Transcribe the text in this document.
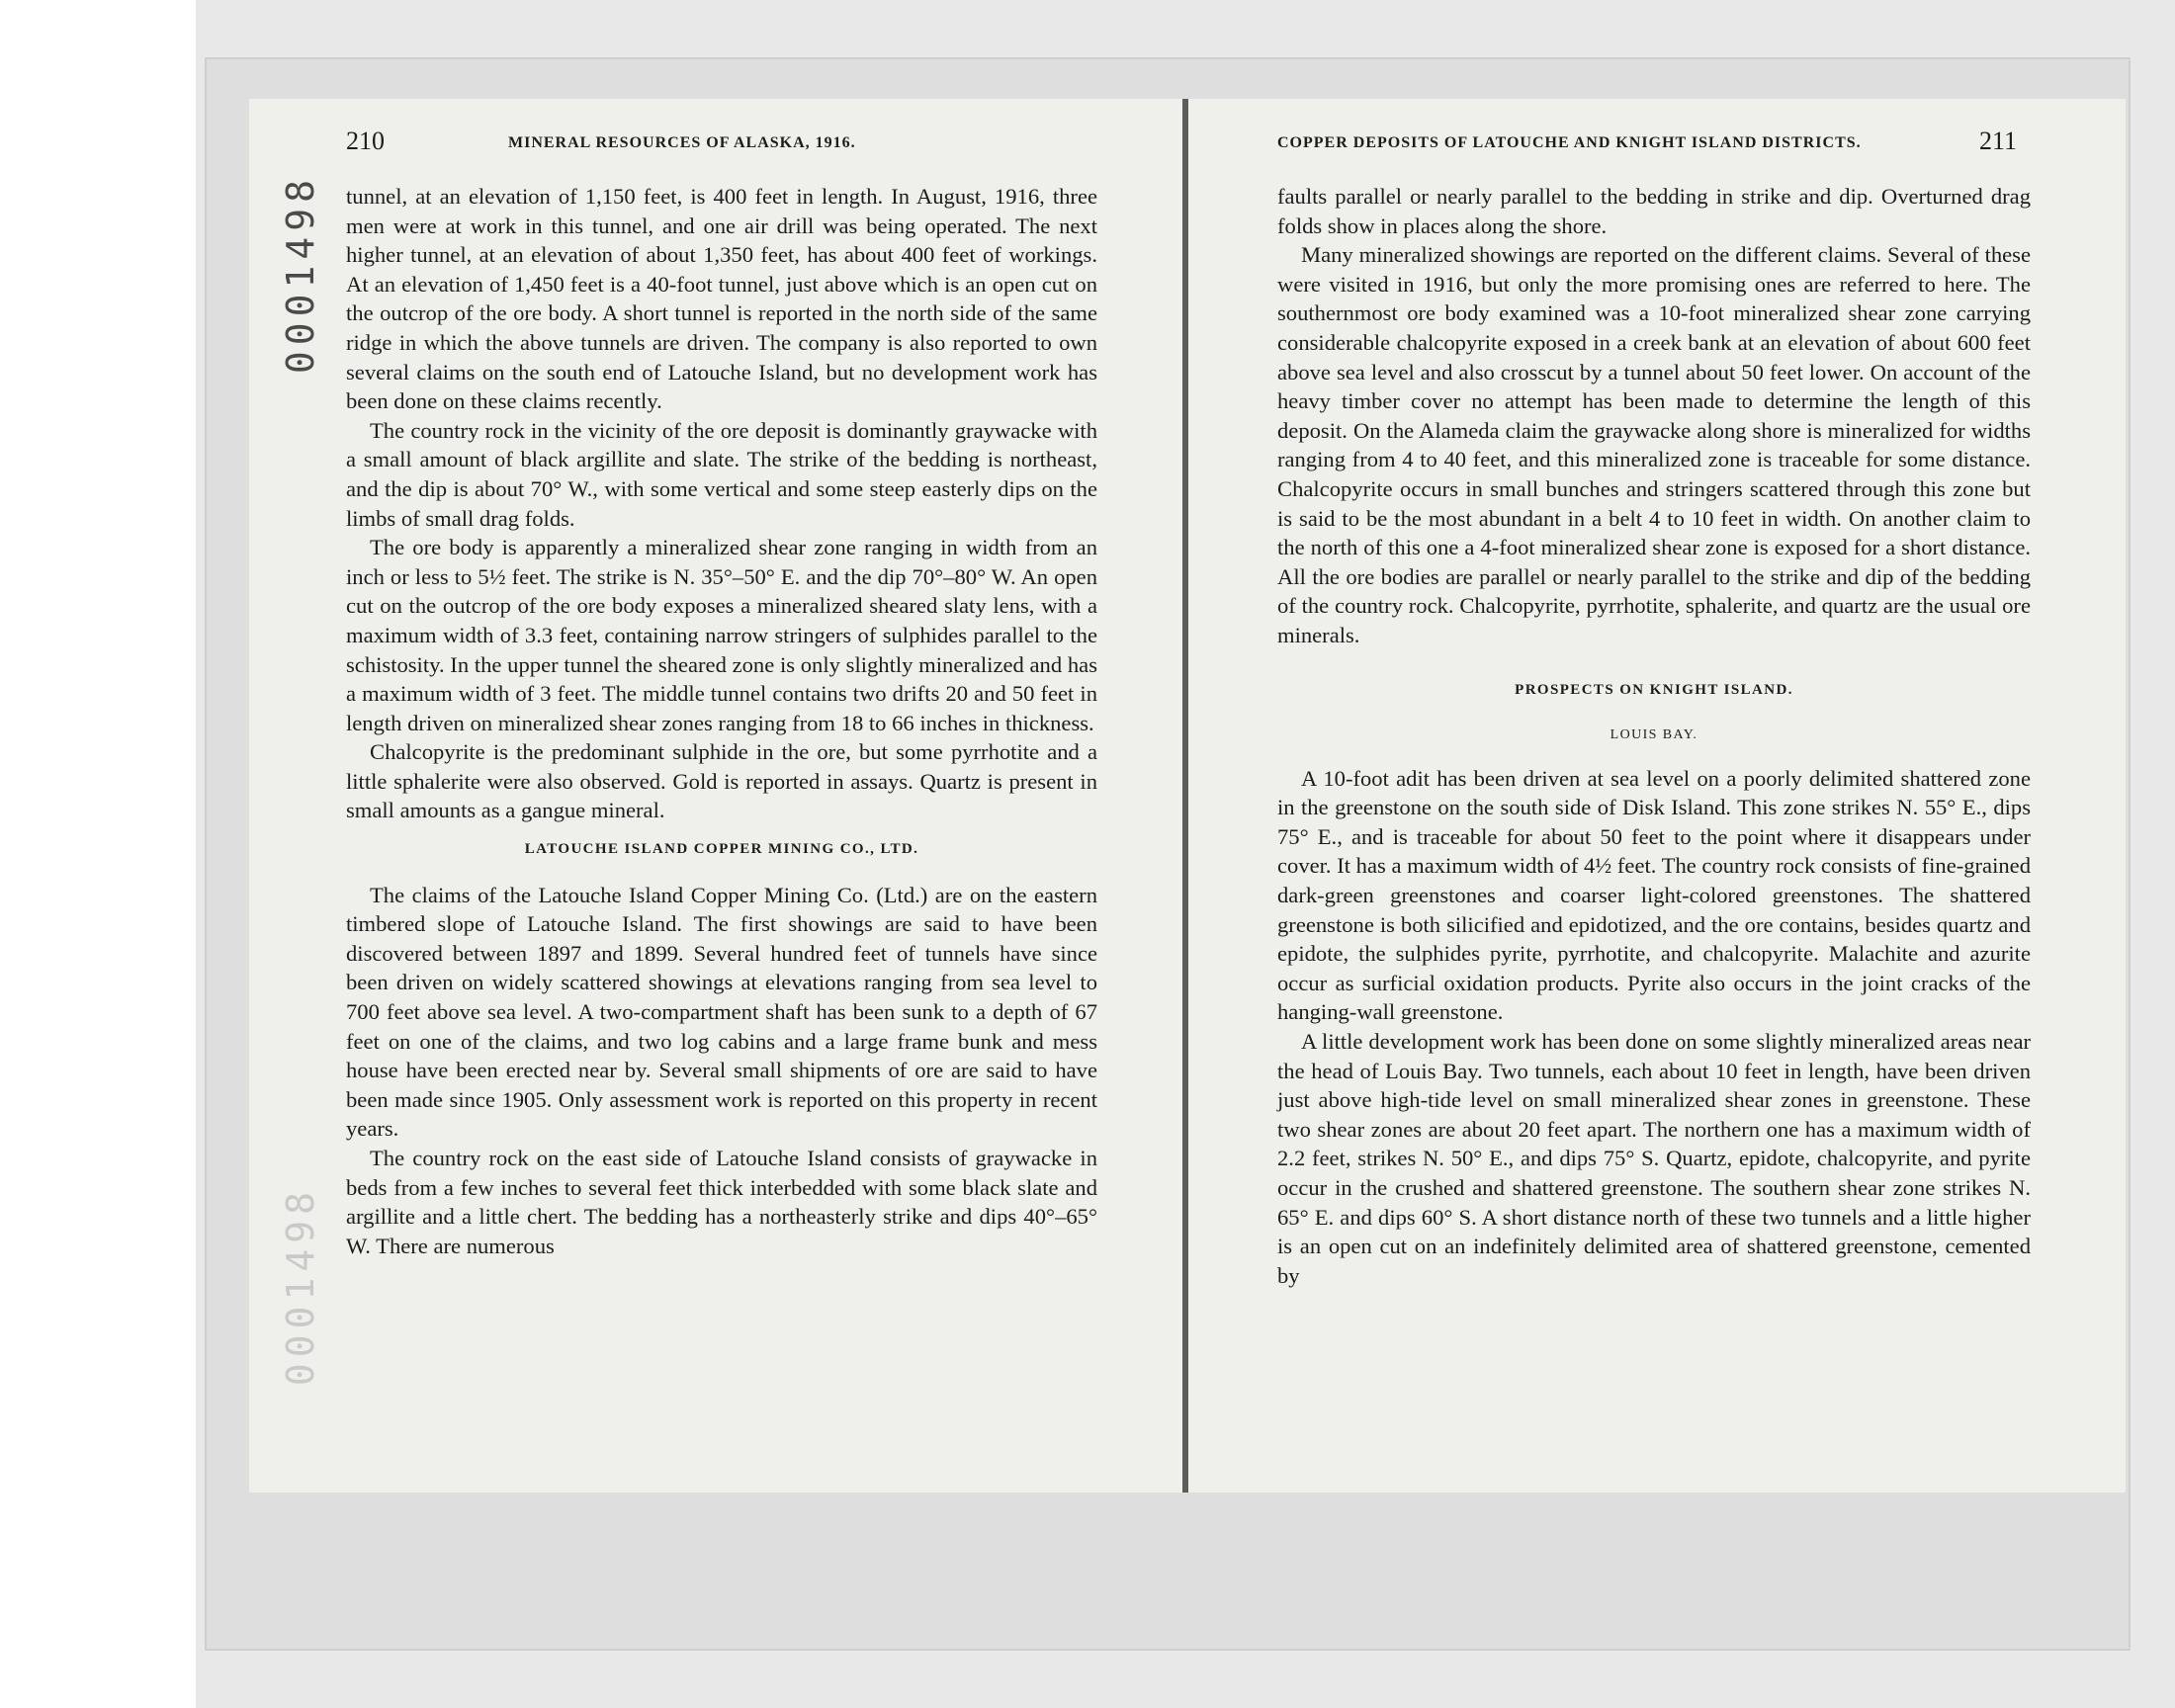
210	MINERAL RESOURCES OF ALASKA, 1916.

tunnel, at an elevation of 1,150 feet, is 400 feet in length. In August, 1916, three men were at work in this tunnel, and one air drill was being operated. The next higher tunnel, at an elevation of about 1,350 feet, has about 400 feet of workings. At an elevation of 1,450 feet is a 40-foot tunnel, just above which is an open cut on the outcrop of the ore body. A short tunnel is reported in the north side of the same ridge in which the above tunnels are driven. The company is also reported to own several claims on the south end of Latouche Island, but no development work has been done on these claims recently.

The country rock in the vicinity of the ore deposit is dominantly graywacke with a small amount of black argillite and slate. The strike of the bedding is northeast, and the dip is about 70° W., with some vertical and some steep easterly dips on the limbs of small drag folds.

The ore body is apparently a mineralized shear zone ranging in width from an inch or less to 5½ feet. The strike is N. 35°–50° E. and the dip 70°–80° W. An open cut on the outcrop of the ore body exposes a mineralized sheared slaty lens, with a maximum width of 3.3 feet, containing narrow stringers of sulphides parallel to the schistosity. In the upper tunnel the sheared zone is only slightly mineralized and has a maximum width of 3 feet. The middle tunnel contains two drifts 20 and 50 feet in length driven on mineralized shear zones ranging from 18 to 66 inches in thickness.

Chalcopyrite is the predominant sulphide in the ore, but some pyrrhotite and a little sphalerite were also observed. Gold is reported in assays. Quartz is present in small amounts as a gangue mineral.

LATOUCHE ISLAND COPPER MINING CO., LTD.

The claims of the Latouche Island Copper Mining Co. (Ltd.) are on the eastern timbered slope of Latouche Island. The first showings are said to have been discovered between 1897 and 1899. Several hundred feet of tunnels have since been driven on widely scattered showings at elevations ranging from sea level to 700 feet above sea level. A two-compartment shaft has been sunk to a depth of 67 feet on one of the claims, and two log cabins and a large frame bunk and mess house have been erected near by. Several small shipments of ore are said to have been made since 1905. Only assessment work is reported on this property in recent years.

The country rock on the east side of Latouche Island consists of graywacke in beds from a few inches to several feet thick interbedded with some black slate and argillite and a little chert. The bedding has a northeasterly strike and dips 40°–65° W. There are numerous

COPPER DEPOSITS OF LATOUCHE AND KNIGHT ISLAND DISTRICTS.	211

faults parallel or nearly parallel to the bedding in strike and dip. Overturned drag folds show in places along the shore.

Many mineralized showings are reported on the different claims. Several of these were visited in 1916, but only the more promising ones are referred to here. The southernmost ore body examined was a 10-foot mineralized shear zone carrying considerable chalcopyrite exposed in a creek bank at an elevation of about 600 feet above sea level and also crosscut by a tunnel about 50 feet lower. On account of the heavy timber cover no attempt has been made to determine the length of this deposit. On the Alameda claim the graywacke along shore is mineralized for widths ranging from 4 to 40 feet, and this mineralized zone is traceable for some distance. Chalcopyrite occurs in small bunches and stringers scattered through this zone but is said to be the most abundant in a belt 4 to 10 feet in width. On another claim to the north of this one a 4-foot mineralized shear zone is exposed for a short distance. All the ore bodies are parallel or nearly parallel to the strike and dip of the bedding of the country rock. Chalcopyrite, pyrrhotite, sphalerite, and quartz are the usual ore minerals.

PROSPECTS ON KNIGHT ISLAND.
LOUIS BAY.

A 10-foot adit has been driven at sea level on a poorly delimited shattered zone in the greenstone on the south side of Disk Island. This zone strikes N. 55° E., dips 75° E., and is traceable for about 50 feet to the point where it disappears under cover. It has a maximum width of 4½ feet. The country rock consists of fine-grained dark-green greenstones and coarser light-colored greenstones. The shattered greenstone is both silicified and epidotized, and the ore contains, besides quartz and epidote, the sulphides pyrite, pyrrhotite, and chalcopyrite. Malachite and azurite occur as surficial oxidation products. Pyrite also occurs in the joint cracks of the hanging-wall greenstone.

A little development work has been done on some slightly mineralized areas near the head of Louis Bay. Two tunnels, each about 10 feet in length, have been driven just above high-tide level on small mineralized shear zones in greenstone. These two shear zones are about 20 feet apart. The northern one has a maximum width of 2.2 feet, strikes N. 50° E., and dips 75° S. Quartz, epidote, chalcopyrite, and pyrite occur in the crushed and shattered greenstone. The southern shear zone strikes N. 65° E. and dips 60° S. A short distance north of these two tunnels and a little higher is an open cut on an indefinitely delimited area of shattered greenstone, cemented by

0001498
0001498
